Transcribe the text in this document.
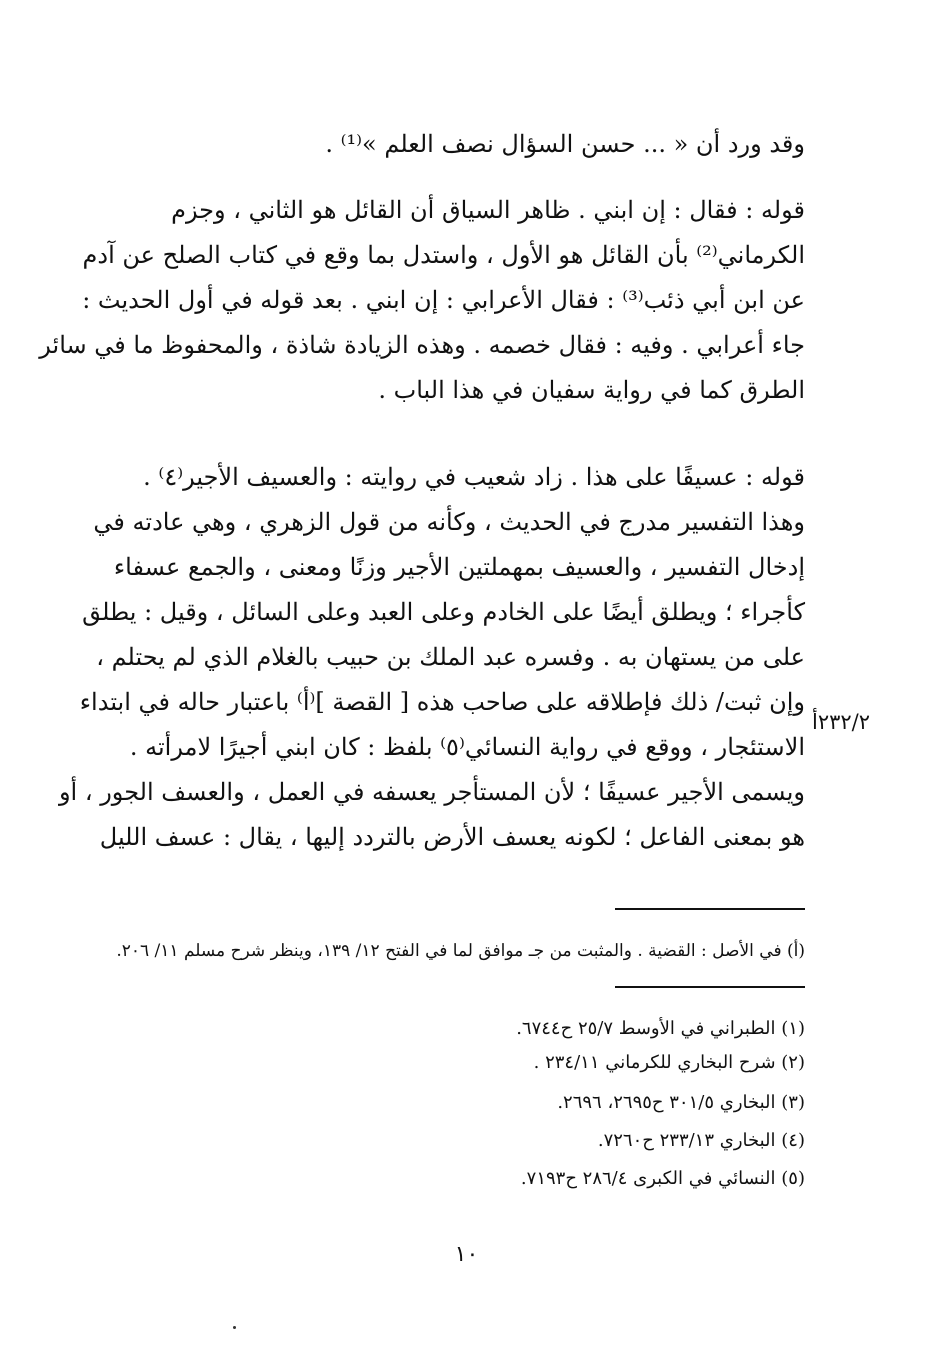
وقد ورد أن « ... حسن السؤال نصف العلم »⁽¹⁾ .
قوله : فقال : إن ابني . ظاهر السياق أن القائل هو الثاني ، وجزم
الكرماني⁽²⁾ بأن القائل هو الأول ، واستدل بما وقع في كتاب الصلح عن آدم
عن ابن أبي ذئب⁽³⁾ : فقال الأعرابي : إن ابني . بعد قوله في أول الحديث :
جاء أعرابي . وفيه : فقال خصمه . وهذه الزيادة شاذة ، والمحفوظ ما في سائر
الطرق كما في رواية سفيان في هذا الباب .
قوله : عسيفًا على هذا . زاد شعيب في روايته : والعسيف الأجير⁽٤⁾ .
وهذا التفسير مدرج في الحديث ، وكأنه من قول الزهري ، وهي عادته في
إدخال التفسير ، والعسيف بمهملتين الأجير وزنًا ومعنى ، والجمع عسفاء
كأجراء ؛ ويطلق أيضًا على الخادم وعلى العبد وعلى السائل ، وقيل : يطلق
على من يستهان به . وفسره عبد الملك بن حبيب بالغلام الذي لم يحتلم ،
وإن ثبت/ ذلك فإطلاقه على صاحب هذه [ القصة ]⁽أ⁾ باعتبار حاله في ابتداء
الاستئجار ، ووقع في رواية النسائي⁽٥⁾ بلفظ : كان ابني أجيرًا لامرأته .
ويسمى الأجير عسيفًا ؛ لأن المستأجر يعسفه في العمل ، والعسف الجور ، أو
هو بمعنى الفاعل ؛ لكونه يعسف الأرض بالتردد إليها ، يقال : عسف الليل
٢٣٢/٢أ
(أ) في الأصل : القضية . والمثبت من جـ موافق لما في الفتح ١٢/ ١٣٩، وينظر شرح مسلم ١١/ ٢٠٦.
(١) الطبراني في الأوسط ٢٥/٧ ح٦٧٤٤.
(٢) شرح البخاري للكرماني ٢٣٤/١١ .
(٣) البخاري ٣٠١/٥ ح٢٦٩٥، ٢٦٩٦.
(٤) البخاري ٢٣٣/١٣ ح٧٢٦٠.
(٥) النسائي في الكبرى ٢٨٦/٤ ح٧١٩٣.
١٠
